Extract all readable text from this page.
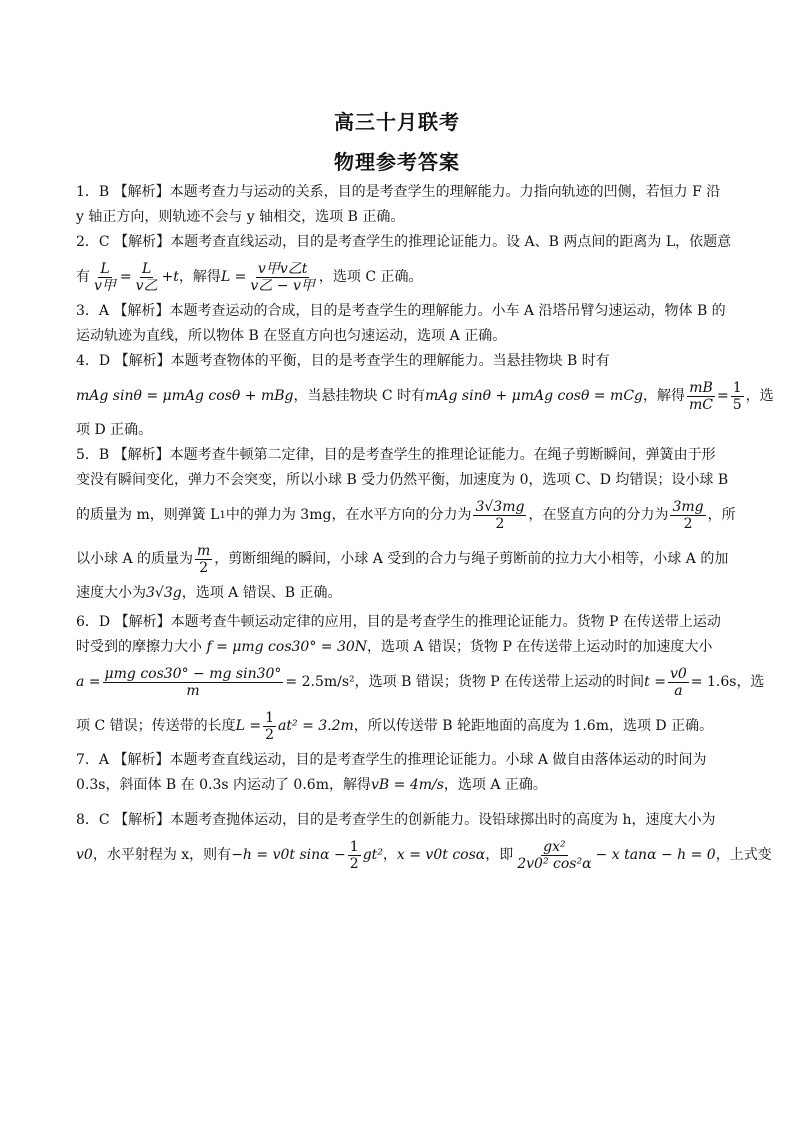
高三十月联考
物理参考答案
1．B 【解析】本题考查力与运动的关系，目的是考查学生的理解能力。力指向轨迹的凹侧，若恒力 F 沿
y 轴正方向，则轨迹不会与 y 轴相交，选项 B 正确。
2．C 【解析】本题考查直线运动，目的是考查学生的推理论证能力。设 A、B 两点间的距离为 L，依题意
有 $\frac{L}{\text{v甲}} = \frac{L}{\text{v乙}} +t$ ，解得 $L = \frac{\text{v甲v乙t}}{\text{v乙 − v甲}}$ ，选项 C 正确。
3．A 【解析】本题考查运动的合成，目的是考查学生的理解能力。小车 A 沿塔吊臂匀速运动，物体 B 的
运动轨迹为直线，所以物体 B 在竖直方向也匀速运动，选项 A 正确。
4．D 【解析】本题考查物体的平衡，目的是考查学生的理解能力。当悬挂物块 B 时有
mAg sinθ = μmAg cosθ + mBg ，当悬挂物块 C 时有 mAg sinθ + μmAg cosθ = mCg ，解得 $\frac{mB}{mC} = \frac{1}{5}$ ，选
项 D 正确。
5．B 【解析】本题考查牛顿第二定律，目的是考查学生的推理论证能力。在绳子剪断瞬间，弹簧由于形
变没有瞬间变化，弹力不会突变，所以小球 B 受力仍然平衡，加速度为 0，选项 C、D 均错误；设小球 B
的质量为 m，则弹簧 L 1 中的弹力为 3mg，在水平方向的分力为 $\frac{3√3mg}{2}$ ，在竖直方向的分力为 $\frac{3mg}{2}$ ，所
以小球 A 的质量为 $\frac{m}{2}$ ，剪断细绳的瞬间，小球 A 受到的合力与绳子剪断前的拉力大小相等，小球 A 的加
速度大小为3√3g，选项 A 错误、B 正确。
6．D 【解析】本题考查牛顿运动定律的应用，目的是考查学生的推理论证能力。货物 P 在传送带上运动
时受到的摩擦力大小 f = μmg cos30° = 30N，选项 A 错误；货物 P 在传送带上运动时的加速度大小
$a = \frac{\text{μmg cos30° − mg sin30°}}{m} = 2.5m/s^2$ ，选项 B 错误；货物 P 在传送带上运动的时间 $t = \frac{v0}{a} = 1.6s$ ，选
项 C 错误；传送带的长度 $L = \frac{1}{2} at^2 = 3.2m$ ，所以传送带 B 轮距地面的高度为 1.6m，选项 D 正确。
7．A 【解析】本题考查直线运动，目的是考查学生的推理论证能力。小球 A 做自由落体运动的时间为
0.3s，斜面体 B 在 0.3s 内运动了 0.6m，解得vB = 4m/s，选项 A 正确。
8．C 【解析】本题考查抛体运动，目的是考查学生的创新能力。设铅球掷出时的高度为 h，速度大小为
v0 ，水平射程为 x，则有 −h = v0t $\sin\alpha - \frac{1}{2} gt^2$ ， x = v0t cosα ，即 $\frac{\text{gx²}}{\text{2v0² cos²α}} - x$ tanα − h = 0 ，上式变
